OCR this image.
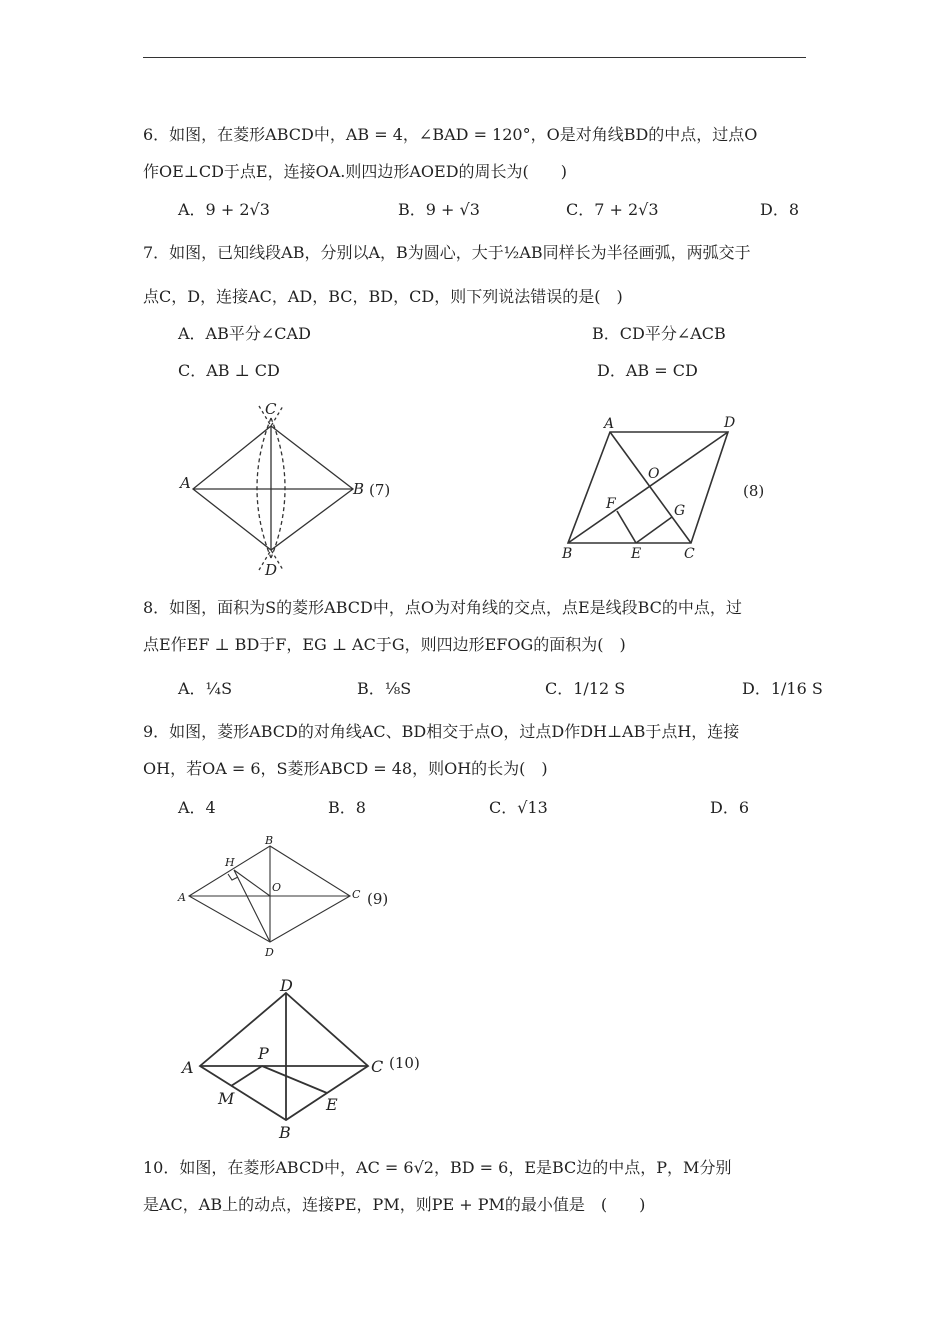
6．如图，在菱形ABCD中，AB = 4，∠BAD = 120°，O是对角线BD的中点，过点O
作OE⊥CD于点E，连接OA.则四边形AOED的周长为(　　)
A．9 + 2√3	B．9 + √3	C．7 + 2√3	D．8
7．如图，已知线段AB，分别以A，B为圆心，大于½AB同样长为半径画弧，两弧交于
点C，D，连接AC，AD，BC，BD，CD，则下列说法错误的是(　)
A．AB平分∠CAD	B．CD平分∠ACB
C．AB ⊥ CD	D．AB = CD
C
A	B
D
(7)
A	D
O
F	G
B	E	C
(8)
8．如图，面积为S的菱形ABCD中，点O为对角线的交点，点E是线段BC的中点，过
点E作EF ⊥ BD于F，EG ⊥ AC于G，则四边形EFOG的面积为(　)
A．¼S	B．⅛S	C．1/12 S	D．1/16 S
9．如图，菱形ABCD的对角线AC、BD相交于点O，过点D作DH⊥AB于点H，连接
OH，若OA = 6，S菱形ABCD = 48，则OH的长为(　)
A．4	B．8	C．√13	D．6
B
H
A
O
C
D
(9)
D
P
A	C
M	E
B
(10)
10．如图，在菱形ABCD中，AC = 6√2，BD = 6，E是BC边的中点，P，M分别
是AC，AB上的动点，连接PE，PM，则PE + PM的最小值是　(　　)
